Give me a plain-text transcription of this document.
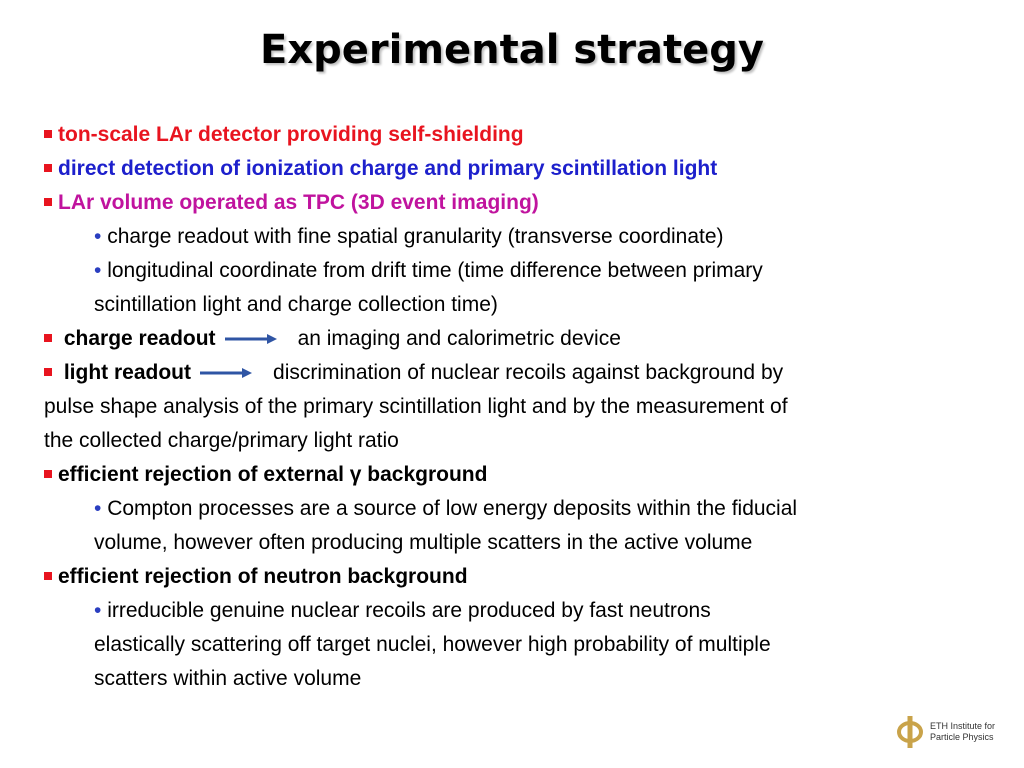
Experimental strategy
ton-scale LAr detector providing self-shielding
direct detection of ionization charge and primary scintillation light
LAr volume operated as TPC (3D event imaging)
• charge readout with fine spatial granularity (transverse coordinate)
• longitudinal coordinate from drift time (time difference between primary
scintillation light and charge collection time)
charge readout	an imaging and calorimetric device
light readout	discrimination of nuclear recoils against background by
pulse shape analysis of the primary scintillation light and by the measurement of
the collected charge/primary light ratio
efficient rejection of external γ background
• Compton processes are a source of low energy deposits within the fiducial
volume, however often producing multiple scatters in the active volume
efficient rejection of neutron background
• irreducible genuine nuclear recoils are produced by fast neutrons
elastically scattering off target nuclei, however high probability of multiple
scatters within active volume
ETH Institute for
Particle Physics
